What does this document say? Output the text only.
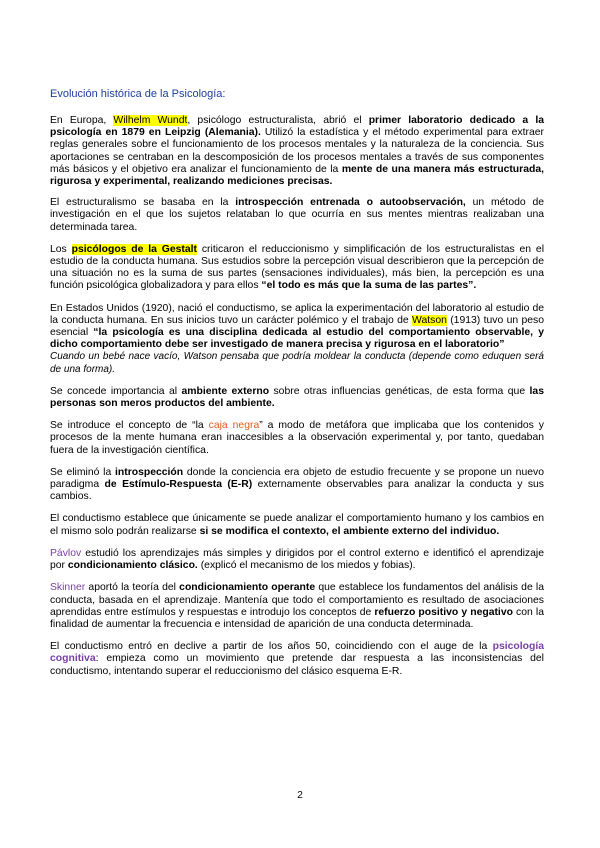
Evolución histórica de la Psicología:

En Europa, Wilhelm Wundt, psicólogo estructuralista, abrió el primer laboratorio dedicado a la psicología en 1879 en Leipzig (Alemania). Utilizó la estadística y el método experimental para extraer reglas generales sobre el funcionamiento de los procesos mentales y la naturaleza de la conciencia. Sus aportaciones se centraban en la descomposición de los procesos mentales a través de sus componentes más básicos y el objetivo era analizar el funcionamiento de la mente de una manera más estructurada, rigurosa y experimental, realizando mediciones precisas.

El estructuralismo se basaba en la introspección entrenada o autoobservación, un método de investigación en el que los sujetos relataban lo que ocurría en sus mentes mientras realizaban una determinada tarea.

Los psicólogos de la Gestalt criticaron el reduccionismo y simplificación de los estructuralistas en el estudio de la conducta humana. Sus estudios sobre la percepción visual describieron que la percepción de una situación no es la suma de sus partes (sensaciones individuales), más bien, la percepción es una función psicológica globalizadora y para ellos “el todo es más que la suma de las partes”.

En Estados Unidos (1920), nació el conductismo, se aplica la experimentación del laboratorio al estudio de la conducta humana. En sus inicios tuvo un carácter polémico y el trabajo de Watson (1913) tuvo un peso esencial “la psicología es una disciplina dedicada al estudio del comportamiento observable, y dicho comportamiento debe ser investigado de manera precisa y rigurosa en el laboratorio”
Cuando un bebé nace vacío, Watson pensaba que podría moldear la conducta (depende como eduquen será de una forma).

Se concede importancia al ambiente externo sobre otras influencias genéticas, de esta forma que las personas son meros productos del ambiente.

Se introduce el concepto de “la caja negra” a modo de metáfora que implicaba que los contenidos y procesos de la mente humana eran inaccesibles a la observación experimental y, por tanto, quedaban fuera de la investigación científica.

Se eliminó la introspección donde la conciencia era objeto de estudio frecuente y se propone un nuevo paradigma de Estímulo-Respuesta (E-R) externamente observables para analizar la conducta y sus cambios.

El conductismo establece que únicamente se puede analizar el comportamiento humano y los cambios en el mismo solo podrán realizarse si se modifica el contexto, el ambiente externo del individuo.

Pávlov estudió los aprendizajes más simples y dirigidos por el control externo e identificó el aprendizaje por condicionamiento clásico. (explicó el mecanismo de los miedos y fobias).

Skinner aportó la teoría del condicionamiento operante que establece los fundamentos del análisis de la conducta, basada en el aprendizaje. Mantenía que todo el comportamiento es resultado de asociaciones aprendidas entre estímulos y respuestas e introdujo los conceptos de refuerzo positivo y negativo con la finalidad de aumentar la frecuencia e intensidad de aparición de una conducta determinada.

El conductismo entró en declive a partir de los años 50, coincidiendo con el auge de la psicología cognitiva: empieza como un movimiento que pretende dar respuesta a las inconsistencias del conductismo, intentando superar el reduccionismo del clásico esquema E-R.

2
